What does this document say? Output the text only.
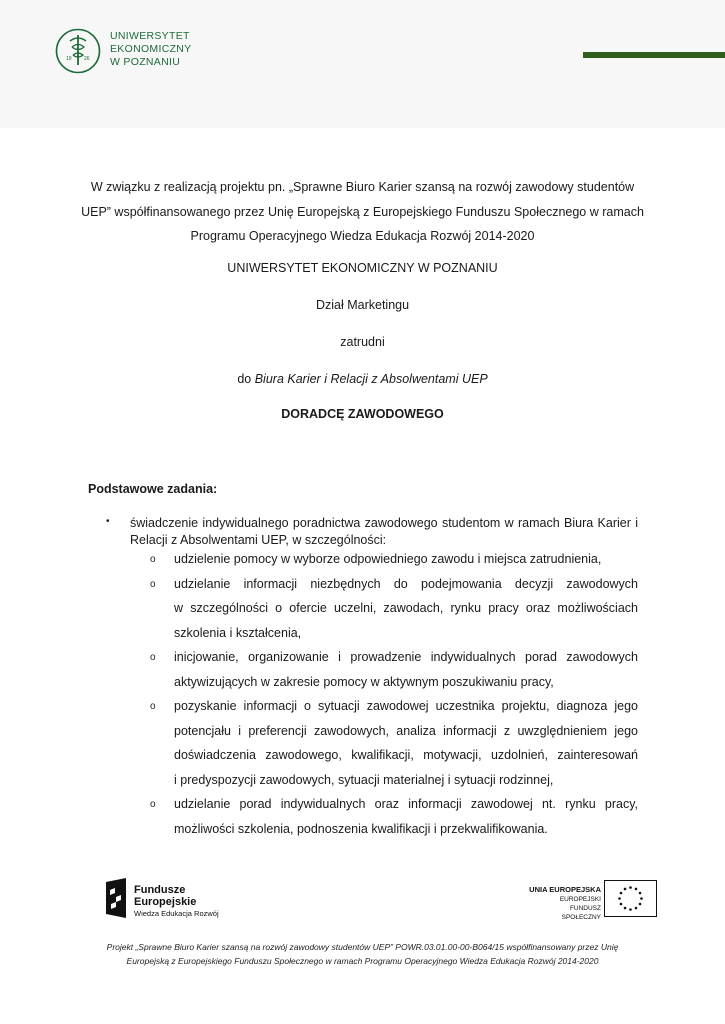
19 26
UNIWERSYTET
EKONOMICZNY
W POZNANIU
W związku z realizacją projektu pn. „Sprawne Biuro Karier szansą na rozwój zawodowy studentów
UEP” współfinansowanego przez Unię Europejską z Europejskiego Funduszu Społecznego w ramach
Programu Operacyjnego Wiedza Edukacja Rozwój 2014-2020
UNIWERSYTET EKONOMICZNY W POZNANIU
Dział Marketingu
zatrudni
do Biura Karier i Relacji z Absolwentami UEP
DORADCĘ ZAWODOWEGO
Podstawowe zadania:
• świadczenie indywidualnego poradnictwa zawodowego studentom w ramach Biura Karier i Relacji z Absolwentami UEP, w szczególności:
o udzielenie pomocy w wyborze odpowiedniego zawodu i miejsca zatrudnienia,
o udzielanie informacji niezbędnych do podejmowania decyzji zawodowych
w szczególności o ofercie uczelni, zawodach, rynku pracy oraz możliwościach
szkolenia i kształcenia,
o inicjowanie, organizowanie i prowadzenie indywidualnych porad zawodowych
aktywizujących w zakresie pomocy w aktywnym poszukiwaniu pracy,
o pozyskanie informacji o sytuacji zawodowej uczestnika projektu, diagnoza jego
potencjału i preferencji zawodowych, analiza informacji z uwzględnieniem jego
doświadczenia zawodowego, kwalifikacji, motywacji, uzdolnień, zainteresowań
i predyspozycji zawodowych, sytuacji materialnej i sytuacji rodzinnej,
o udzielanie porad indywidualnych oraz informacji zawodowej nt. rynku pracy,
możliwości szkolenia, podnoszenia kwalifikacji i przekwalifikowania.
Fundusze
Europejskie
Wiedza Edukacja Rozwój
UNIA EUROPEJSKA
EUROPEJSKI
FUNDUSZ SPOŁECZNY
Projekt „Sprawne Biuro Karier szansą na rozwój zawodowy studentów UEP” POWR.03.01.00-00-B064/15 współfinansowany przez Unię
Europejską z Europejskiego Funduszu Społecznego w ramach Programu Operacyjnego Wiedza Edukacja Rozwój 2014-2020
